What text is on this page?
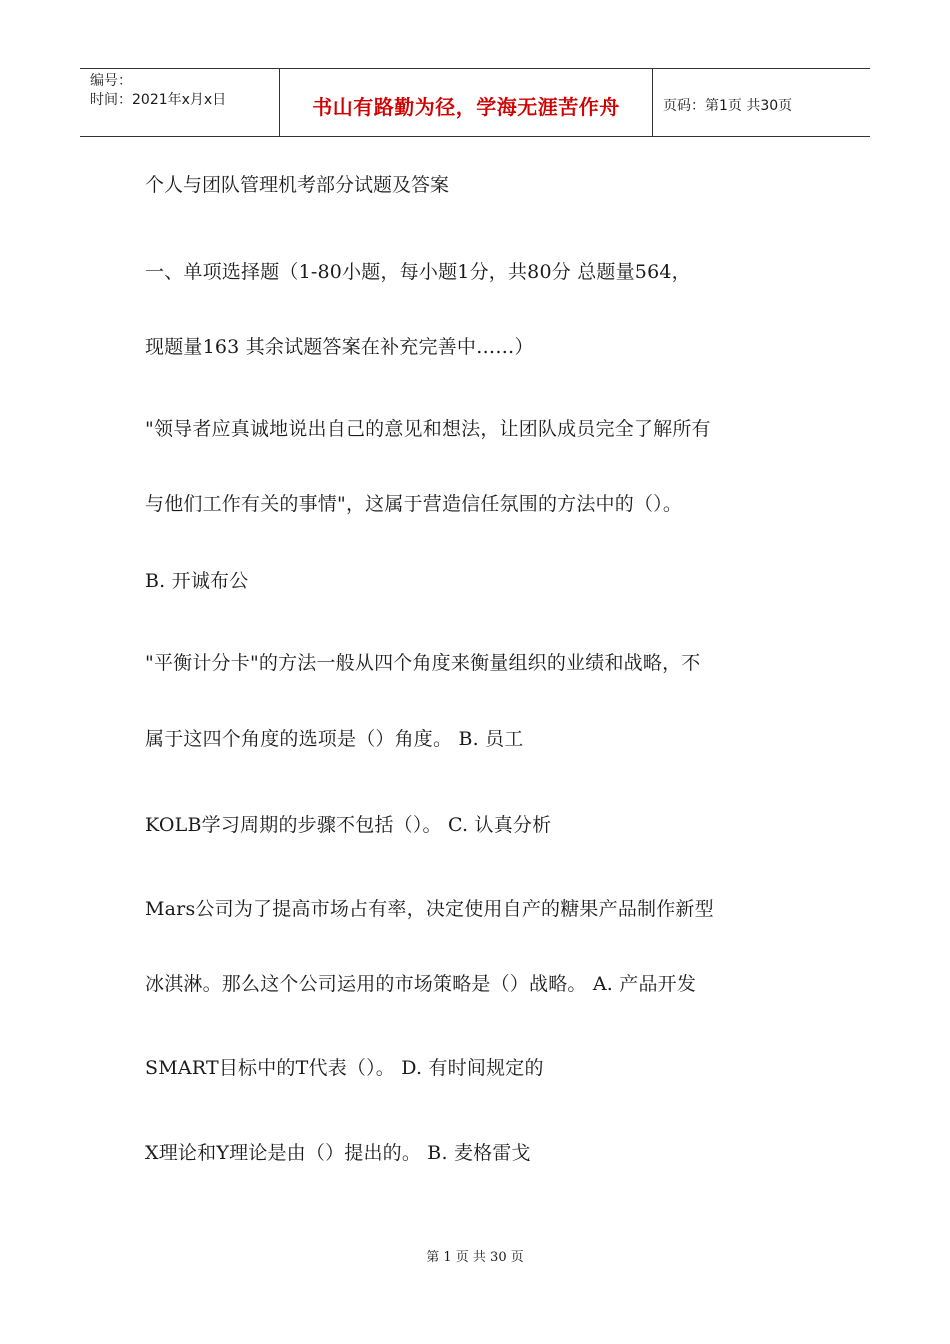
编号：
时间：2021年x月x日	书山有路勤为径，学海无涯苦作舟	页码：第1页 共30页
个人与团队管理机考部分试题及答案
一、单项选择题（1-80小题，每小题1分，共80分 总题量564，
现题量163 其余试题答案在补充完善中……）
"领导者应真诚地说出自己的意见和想法，让团队成员完全了解所有
与他们工作有关的事情"，这属于营造信任氛围的方法中的（）。
B. 开诚布公
"平衡计分卡"的方法一般从四个角度来衡量组织的业绩和战略，不
属于这四个角度的选项是（）角度。 B. 员工
KOLB学习周期的步骤不包括（）。 C. 认真分析
Mars公司为了提高市场占有率，决定使用自产的糖果产品制作新型
冰淇淋。那么这个公司运用的市场策略是（）战略。 A. 产品开发
SMART目标中的T代表（）。 D. 有时间规定的
X理论和Y理论是由（）提出的。 B. 麦格雷戈
第 1 页 共 30 页
